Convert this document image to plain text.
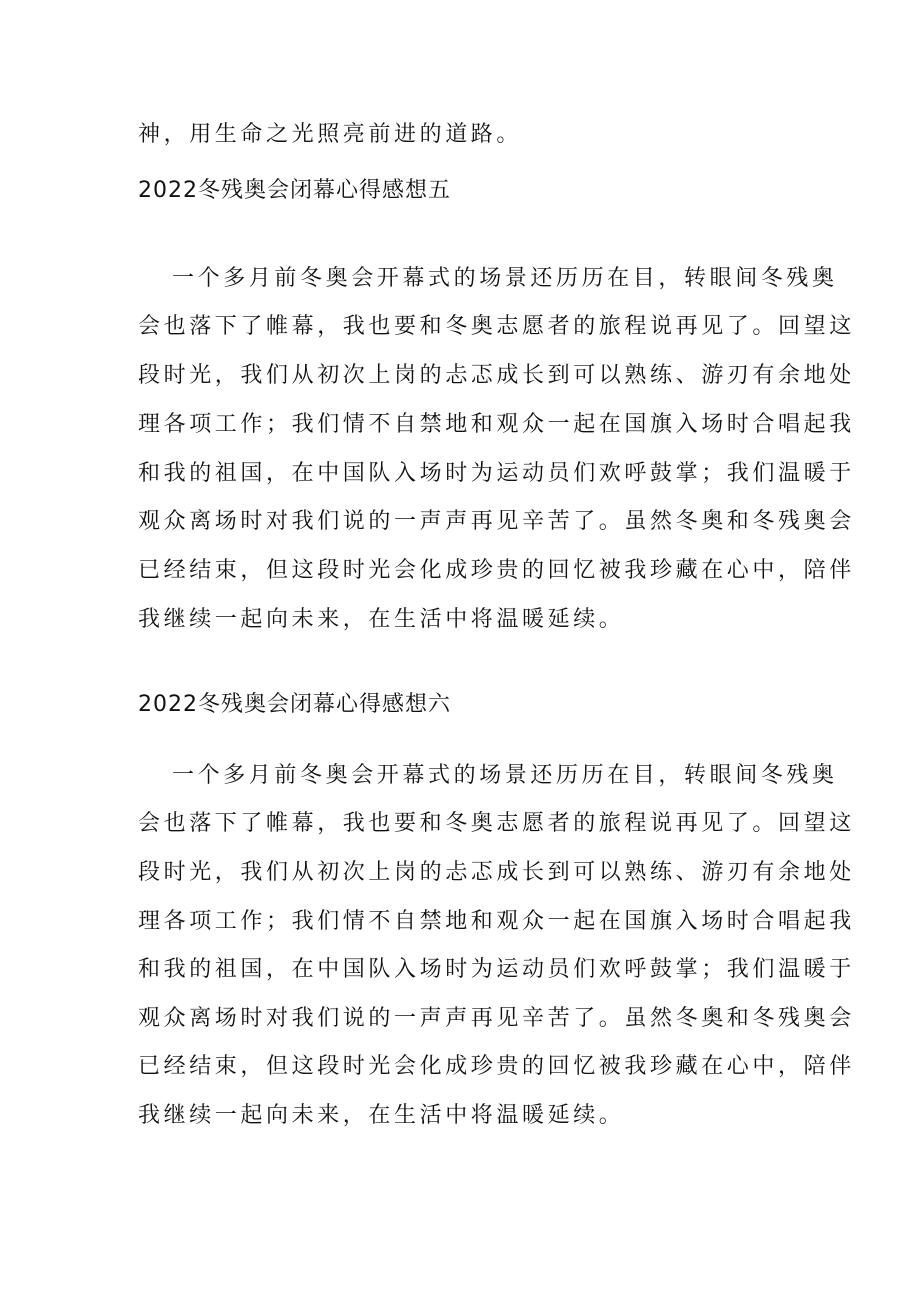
神，用生命之光照亮前进的道路。
2022冬残奥会闭幕心得感想五
一个多月前冬奥会开幕式的场景还历历在目，转眼间冬残奥
会也落下了帷幕，我也要和冬奥志愿者的旅程说再见了。回望这
段时光，我们从初次上岗的忐忑成长到可以熟练、游刃有余地处
理各项工作；我们情不自禁地和观众一起在国旗入场时合唱起我
和我的祖国，在中国队入场时为运动员们欢呼鼓掌；我们温暖于
观众离场时对我们说的一声声再见辛苦了。虽然冬奥和冬残奥会
已经结束，但这段时光会化成珍贵的回忆被我珍藏在心中，陪伴
我继续一起向未来，在生活中将温暖延续。
2022冬残奥会闭幕心得感想六
一个多月前冬奥会开幕式的场景还历历在目，转眼间冬残奥
会也落下了帷幕，我也要和冬奥志愿者的旅程说再见了。回望这
段时光，我们从初次上岗的忐忑成长到可以熟练、游刃有余地处
理各项工作；我们情不自禁地和观众一起在国旗入场时合唱起我
和我的祖国，在中国队入场时为运动员们欢呼鼓掌；我们温暖于
观众离场时对我们说的一声声再见辛苦了。虽然冬奥和冬残奥会
已经结束，但这段时光会化成珍贵的回忆被我珍藏在心中，陪伴
我继续一起向未来，在生活中将温暖延续。
